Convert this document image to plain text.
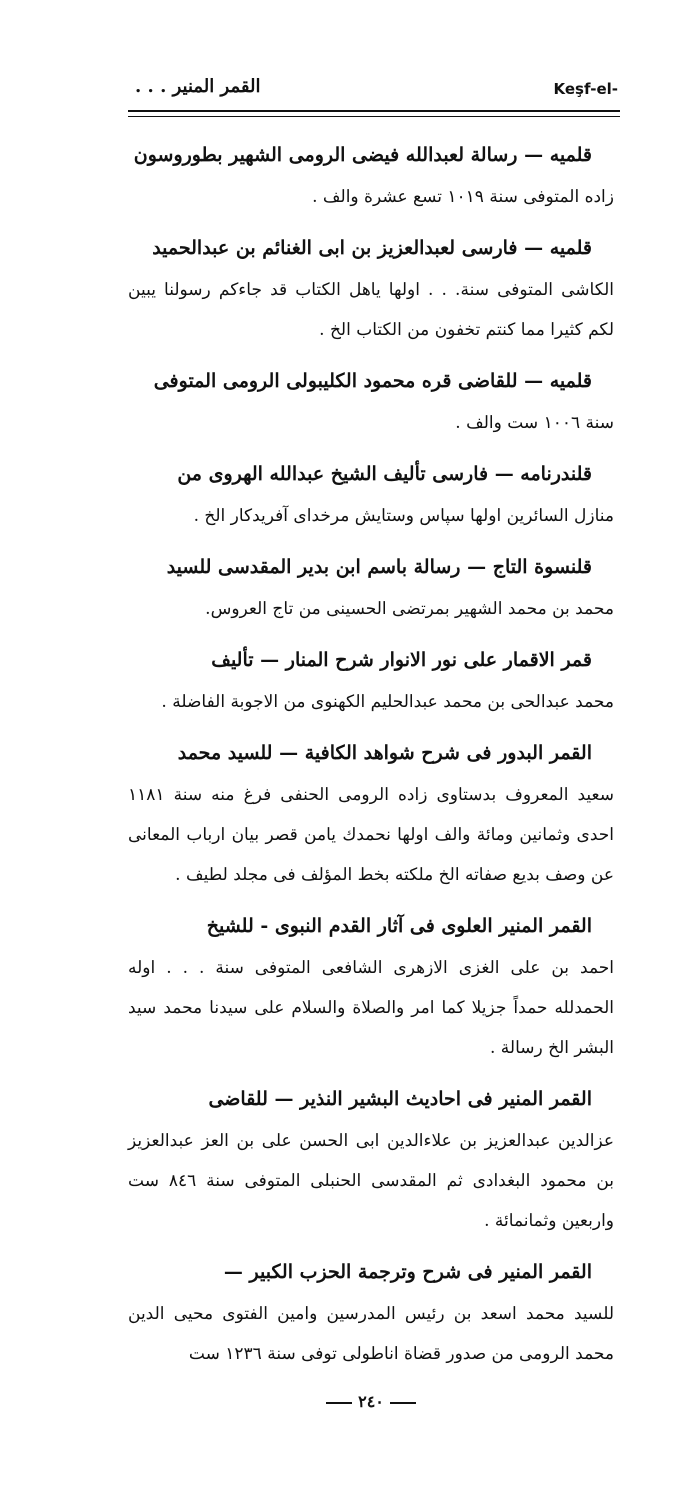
Keşf-el-
القمر المنير . . .

قلميه — رسالة لعبدالله فيضى الرومى الشهير بطوروسون
زاده المتوفى سنة ١٠١٩ تسع عشرة والف .

قلميه — فارسى لعبدالعزيز بن ابى الغنائم بن عبدالحميد
الكاشى المتوفى سنة. . . اولها ياهل الكتاب قد جاءكم رسولنا يبين لكم كثيرا مما كنتم تخفون من الكتاب الخ .

قلميه — للقاضى قره محمود الكليبولى الرومى المتوفى
سنة ١٠٠٦ ست والف .

قلندرنامه — فارسى تأليف الشيخ عبدالله الهروى من
منازل السائرين اولها سپاس وستايش مرخداى آفريدكار الخ .

قلنسوة التاج — رسالة باسم ابن بدير المقدسى للسيد
محمد بن محمد الشهير بمرتضى الحسينى من تاج العروس.

قمر الاقمار على نور الانوار شرح المنار — تأليف
محمد عبدالحى بن محمد عبدالحليم الكهنوى من الاجوبة الفاضلة .

القمر البدور فى شرح شواهد الكافية — للسيد محمد
سعيد المعروف بدستاوى زاده الرومى الحنفى فرغ منه سنة ١١٨١ احدى وثمانين ومائة والف اولها نحمدك يامن قصر بيان ارباب المعانى عن وصف بديع صفاته الخ ملكته بخط المؤلف فى مجلد لطيف .

القمر المنير العلوى فى آثار القدم النبوى - للشيخ
احمد بن على الغزى الازهرى الشافعى المتوفى سنة . . . اوله الحمدلله حمداً جزيلا كما امر والصلاة والسلام على سيدنا محمد سيد البشر الخ رسالة .

القمر المنير فى احاديث البشير النذير — للقاضى
عزالدين عبدالعزيز بن علاءالدين ابى الحسن على بن العز عبدالعزيز بن محمود البغدادى ثم المقدسى الحنبلى المتوفى سنة ٨٤٦ ست واربعين وثمانمائة .

القمر المنير فى شرح وترجمة الحزب الكبير —
للسيد محمد اسعد بن رئيس المدرسين وامين الفتوى محيى الدين محمد الرومى من صدور قضاة اناطولى توفى سنة ١٢٣٦ ست

٢٤٠
